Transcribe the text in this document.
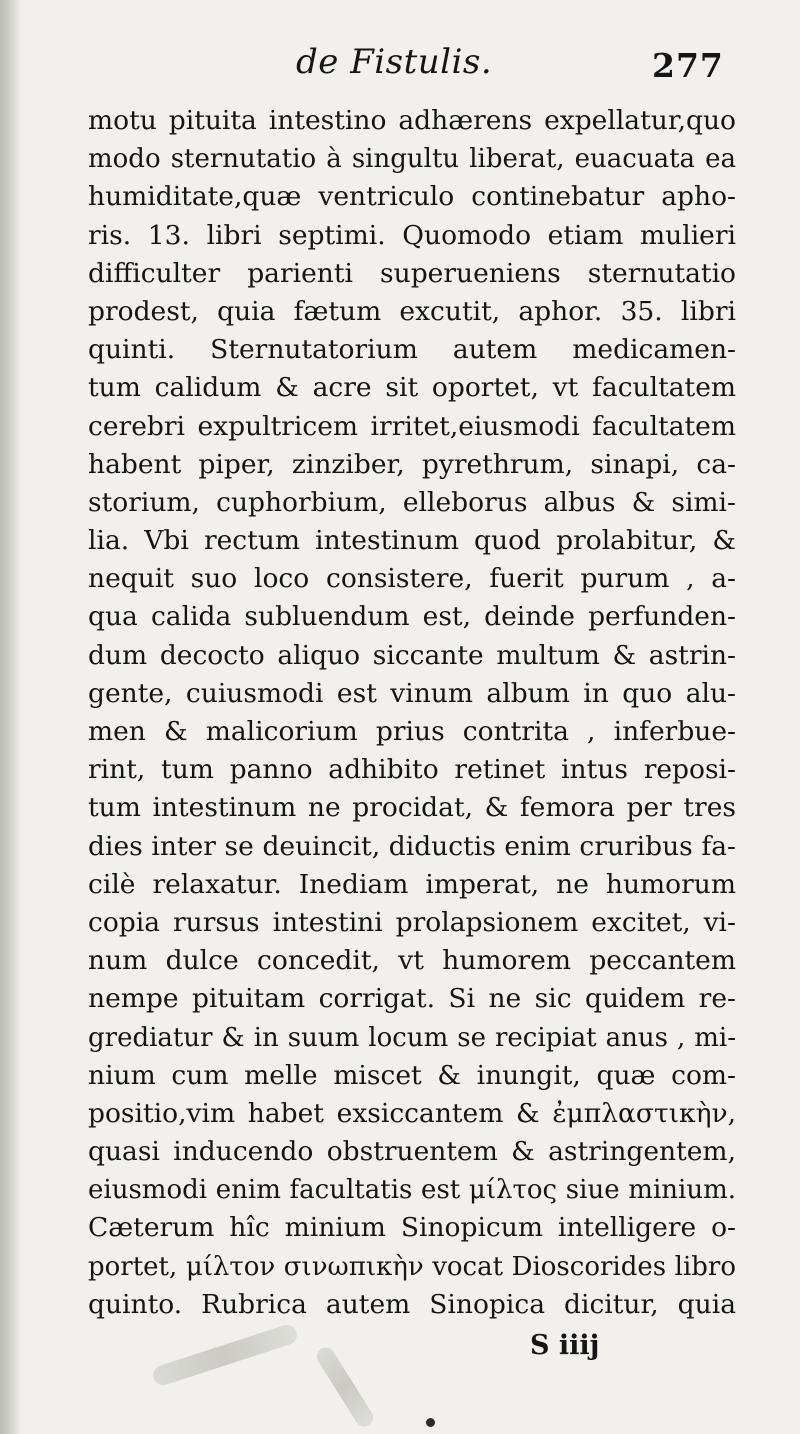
de Fistulis.	277
motu pituita intestino adhærens expellatur,quo
modo sternutatio à singultu liberat, euacuata ea
humiditate,quæ ventriculo continebatur apho-
ris. 13. libri septimi. Quomodo etiam mulieri
difficulter parienti superueniens sternutatio
prodest, quia fætum excutit, aphor. 35. libri
quinti. Sternutatorium autem medicamen-
tum calidum & acre sit oportet, vt facultatem
cerebri expultricem irritet,eiusmodi facultatem
habent piper, zinziber, pyrethrum, sinapi, ca-
storium, cuphorbium, elleborus albus & simi-
lia. Vbi rectum intestinum quod prolabitur, &
nequit suo loco consistere, fuerit purum , a-
qua calida subluendum est, deinde perfunden-
dum decocto aliquo siccante multum & astrin-
gente, cuiusmodi est vinum album in quo alu-
men & malicorium prius contrita , inferbue-
rint, tum panno adhibito retinet intus reposi-
tum intestinum ne procidat, & femora per tres
dies inter se deuincit, diductis enim cruribus fa-
cilè relaxatur. Inediam imperat, ne humorum
copia rursus intestini prolapsionem excitet, vi-
num dulce concedit, vt humorem peccantem
nempe pituitam corrigat. Si ne sic quidem re-
grediatur & in suum locum se recipiat anus , mi-
nium cum melle miscet & inungit, quæ com-
positio,vim habet exsiccantem & ἐμπλαστικὴν,
quasi inducendo obstruentem & astringentem,
eiusmodi enim facultatis est μίλτος siue minium.
Cæterum hîc minium Sinopicum intelligere o-
portet, μίλτον σινωπικὴν vocat Dioscorides libro
quinto. Rubrica autem Sinopica dicitur, quia
S iiij
